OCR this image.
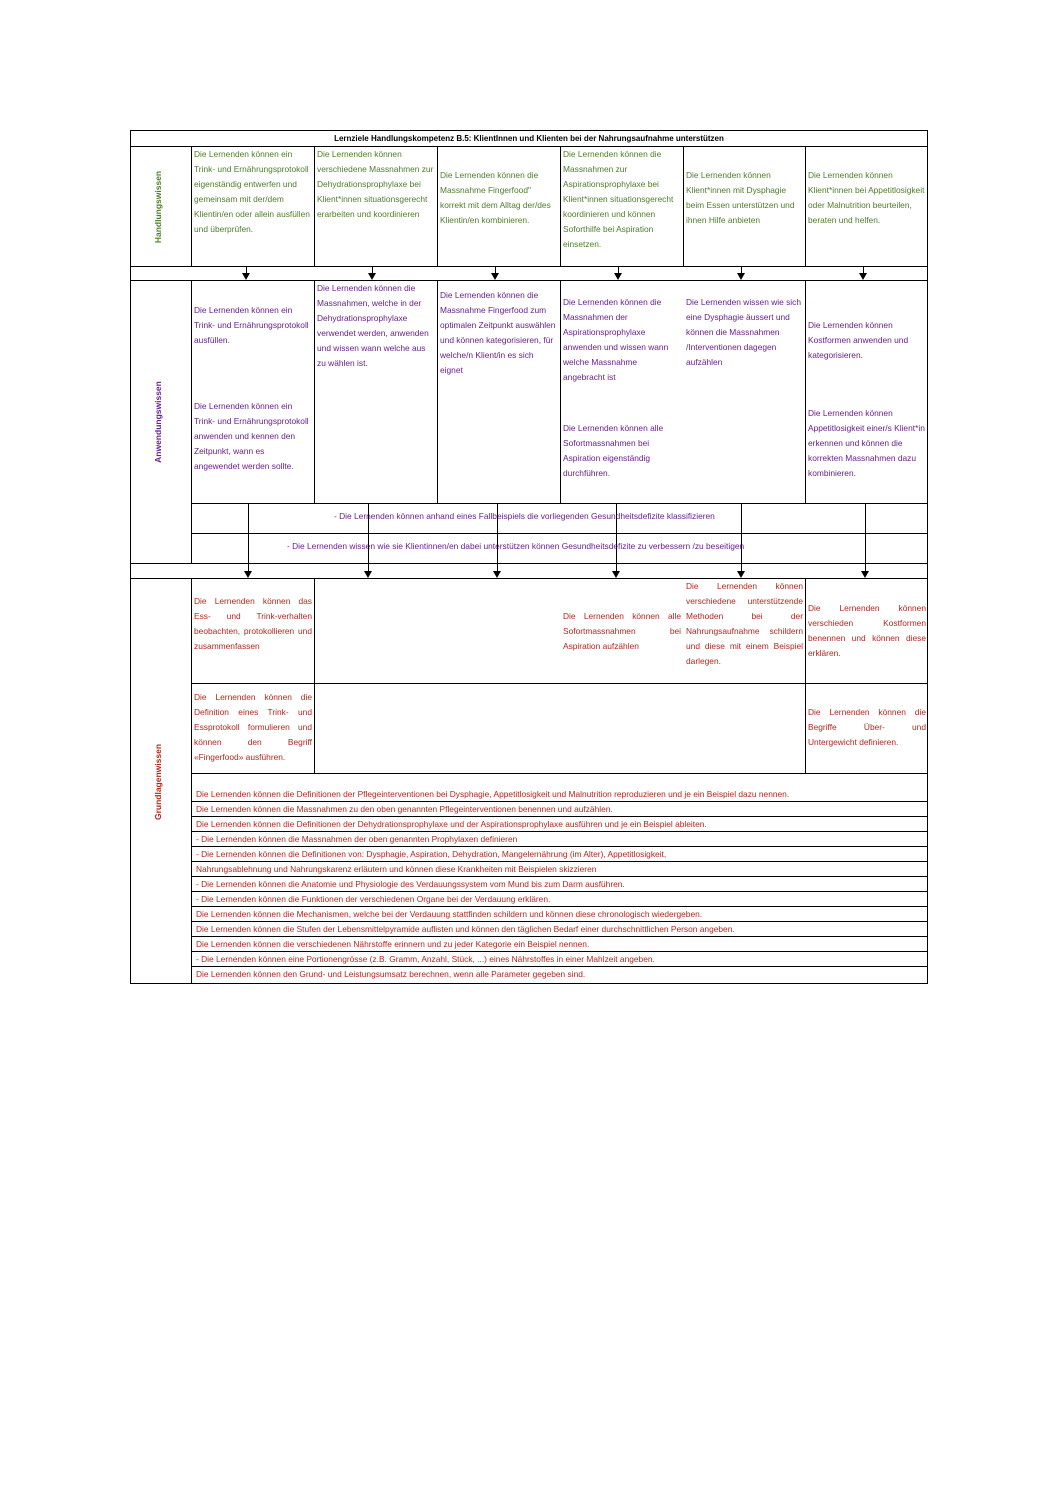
Lernziele Handlungskompetenz B.5: KlientInnen und Klienten bei der Nahrungsaufnahme unterstützen
Handlungswissen
Anwendungswissen
Grundlagenwissen
Die Lernenden können ein Trink- und Ernährungsprotokoll eigenständig entwerfen und gemeinsam mit der/dem Klientin/en oder allein ausfüllen und überprüfen.
Die Lernenden können verschiedene Massnahmen zur Dehydrationsprophylaxe bei Klient*innen situationsgerecht erarbeiten und koordinieren
Die Lernenden können die Massnahme Fingerfood" korrekt mit dem Alltag der/des Klientin/en kombinieren.
Die Lernenden können die Massnahmen zur Aspirationsprophylaxe bei Klient*innen situationsgerecht koordinieren und können Soforthilfe bei Aspiration einsetzen.
Die Lernenden können Klient*innen mit Dysphagie beim Essen unterstützen und ihnen Hilfe anbieten
Die Lernenden können Klient*innen bei Appetitlosigkeit oder Malnutrition beurteilen, beraten und helfen.
Die Lernenden können ein Trink- und Ernährungsprotokoll ausfüllen.
Die Lernenden können ein Trink- und Ernährungsprotokoll anwenden und kennen den Zeitpunkt, wann es angewendet werden sollte.
Die Lernenden können die Massnahmen, welche in der Dehydrationsprophylaxe verwendet werden, anwenden und wissen wann welche aus zu wählen ist.
Die Lernenden können die Massnahme Fingerfood zum optimalen Zeitpunkt auswählen und können kategorisieren, für welche/n Klient/in es sich eignet
Die Lernenden können die Massnahmen der Aspirationsprophylaxe anwenden und wissen wann welche Massnahme angebracht ist
Die Lernenden können alle Sofortmassnahmen bei Aspiration eigenständig durchführen.
Die Lernenden wissen wie sich eine Dysphagie äussert und können die Massnahmen /Interventionen dagegen aufzählen
Die Lernenden können Kostformen anwenden und kategorisieren.
Die Lernenden können Appetitlosigkeit einer/s Klient*in erkennen und können die korrekten Massnahmen dazu kombinieren.
- Die Lernenden können anhand eines Fallbeispiels die vorliegenden Gesundheitsdefizite klassifizieren
- Die Lernenden wissen wie sie Klientinnen/en dabei unterstützen können Gesundheitsdefizite zu verbessern /zu beseitigen
Die Lernenden können das Ess- und Trink-verhalten beobachten, protokollieren und zusammenfassen
Die Lernenden können alle Sofortmassnahmen bei Aspiration aufzählen
Die Lernenden können verschiedene unterstützende Methoden bei der Nahrungsaufnahme schildern und diese mit einem Beispiel darlegen.
Die Lernenden können verschieden Kostformen benennen und können diese erklären.
Die Lernenden können die Definition eines Trink- und Essprotokoll formulieren und können den Begriff «Fingerfood» ausführen.
Die Lernenden können die Begriffe Über- und Untergewicht definieren.
Die Lernenden können die Definitionen der Pflegeinterventionen bei Dysphagie, Appetitlosigkeit und Malnutrition reproduzieren und je ein Beispiel dazu nennen.
Die Lernenden können die Massnahmen zu den oben genannten Pflegeinterventionen benennen und aufzählen.
Die Lernenden können die Definitionen der Dehydrationsprophylaxe und der Aspirationsprophylaxe ausführen und je ein Beispiel ableiten.
- Die Lernenden können die Massnahmen der oben genannten Prophylaxen definieren
- Die Lernenden können die Definitionen von: Dysphagie, Aspiration, Dehydration, Mangelernährung (im Alter), Appetitlosigkeit,
Nahrungsablehnung und Nahrungskarenz erläutern und können diese Krankheiten mit Beispielen skizzieren
- Die Lernenden können die Anatomie und Physiologie des Verdauungssystem vom Mund bis zum Darm ausführen.
- Die Lernenden können die Funktionen der verschiedenen Organe bei der Verdauung erklären.
Die Lernenden können die Mechanismen, welche bei der Verdauung stattfinden schildern und können diese chronologisch wiedergeben.
Die Lernenden können die Stufen der Lebensmittelpyramide auflisten und können den täglichen Bedarf einer durchschnittlichen Person angeben.
Die Lernenden können die verschiedenen Nährstoffe erinnern und zu jeder Kategorie ein Beispiel nennen.
- Die Lernenden können eine Portionengrösse (z.B. Gramm, Anzahl, Stück, ...) eines Nährstoffes in einer Mahlzeit angeben.
Die Lernenden können den Grund- und Leistungsumsatz berechnen, wenn alle Parameter gegeben sind.
